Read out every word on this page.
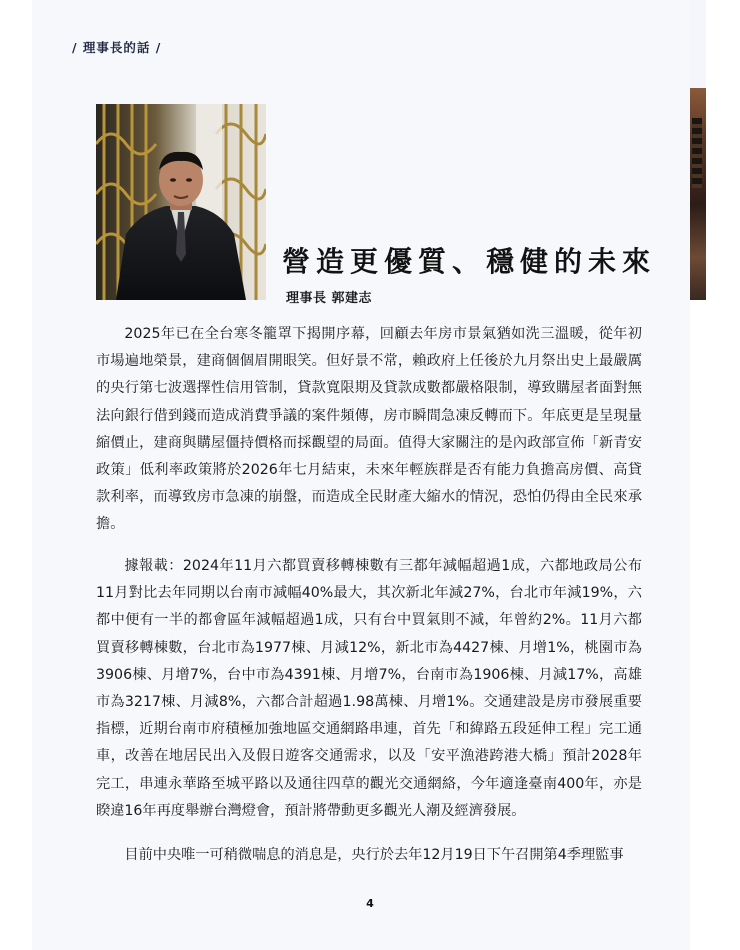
/ 理事長的話 /
營造更優質、穩健的未來
理事長 郭建志

2025年已在全台寒冬籠罩下揭開序幕，回顧去年房市景氣猶如洗三溫暖，從年初市場遍地榮景，建商個個眉開眼笑。但好景不常，賴政府上任後於九月祭出史上最嚴厲的央行第七波選擇性信用管制，貸款寬限期及貸款成數都嚴格限制，導致購屋者面對無法向銀行借到錢而造成消費爭議的案件頻傳，房市瞬間急凍反轉而下。年底更是呈現量縮價止，建商與購屋僵持價格而採觀望的局面。值得大家關注的是內政部宣佈「新青安政策」低利率政策將於2026年七月結束，未來年輕族群是否有能力負擔高房價、高貸款利率，而導致房市急凍的崩盤，而造成全民財產大縮水的情況，恐怕仍得由全民來承擔。

據報載：2024年11月六都買賣移轉棟數有三都年減幅超過1成，六都地政局公布11月對比去年同期以台南市減幅40%最大，其次新北年減27%，台北市年減19%，六都中便有一半的都會區年減幅超過1成，只有台中買氣則不減，年曾約2%。11月六都買賣移轉棟數，台北市為1977棟、月減12%，新北市為4427棟、月增1%，桃園市為3906棟、月增7%，台中市為4391棟、月增7%，台南市為1906棟、月減17%，高雄市為3217棟、月減8%，六都合計超過1.98萬棟、月增1%。交通建設是房市發展重要指標，近期台南市府積極加強地區交通網路串連，首先「和緯路五段延伸工程」完工通車，改善在地居民出入及假日遊客交通需求，以及「安平漁港跨港大橋」預計2028年完工，串連永華路至城平路以及通往四草的觀光交通網絡，今年適逢臺南400年，亦是睽違16年再度舉辦台灣燈會，預計將帶動更多觀光人潮及經濟發展。

目前中央唯一可稍微喘息的消息是，央行於去年12月19日下午召開第4季理監事

4
